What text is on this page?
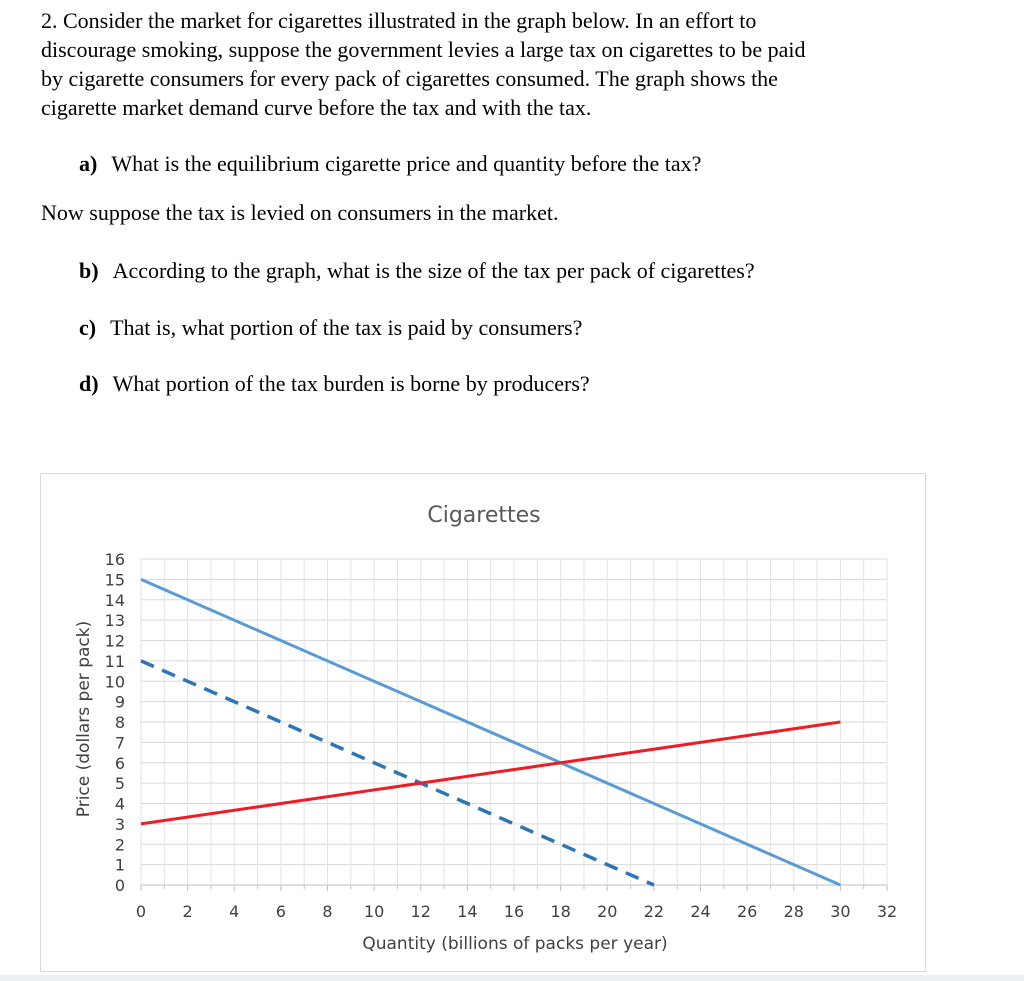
2. Consider the market for cigarettes illustrated in the graph below. In an effort to
discourage smoking, suppose the government levies a large tax on cigarettes to be paid
by cigarette consumers for every pack of cigarettes consumed. The graph shows the
cigarette market demand curve before the tax and with the tax.

a) What is the equilibrium cigarette price and quantity before the tax?

Now suppose the tax is levied on consumers in the market.

b) According to the graph, what is the size of the tax per pack of cigarettes?

c) That is, what portion of the tax is paid by consumers?

d) What portion of the tax burden is borne by producers?

Cigarettes
0
1
2
3
4
5
6
7
8
9
10
11
12
13
14
15
16
0 2 4 6 8 10 12 14 16 18 20 22 24 26 28 30 32
Quantity (billions of packs per year)
Price (dollars per pack)
